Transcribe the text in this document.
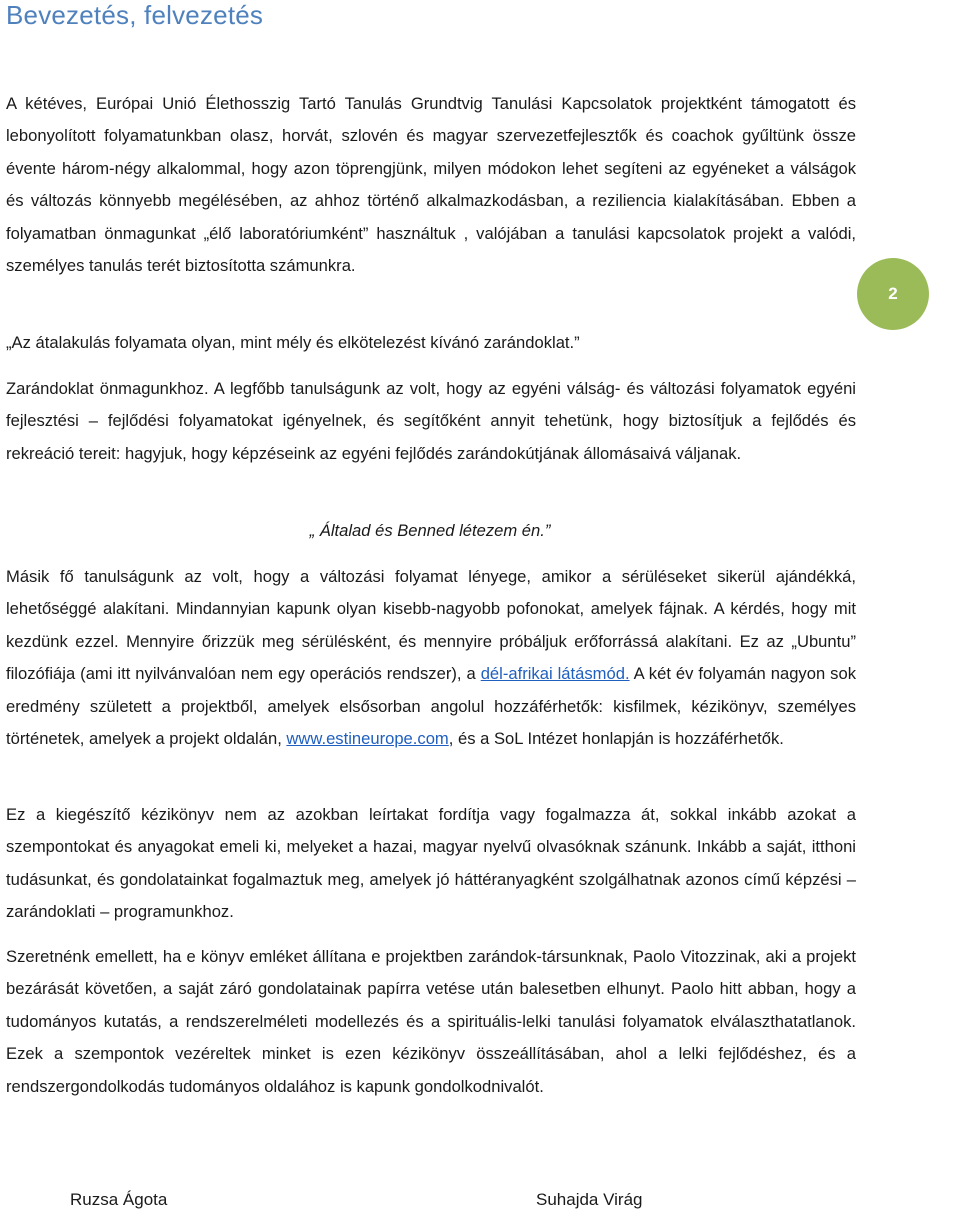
Bevezetés, felvezetés

A kétéves, Európai Unió Élethosszig Tartó Tanulás Grundtvig Tanulási Kapcsolatok projektként támogatott és lebonyolított folyamatunkban olasz, horvát, szlovén és magyar szervezetfejlesztők és coachok gyűltünk össze évente három-négy alkalommal, hogy azon töprengjünk, milyen módokon lehet segíteni az egyéneket a válságok és változás könnyebb megélésében, az ahhoz történő alkalmazkodásban, a reziliencia kialakításában. Ebben a folyamatban önmagunkat „élő laboratóriumként” használtuk , valójában a tanulási kapcsolatok projekt a valódi, személyes tanulás terét biztosította számunkra.

„Az átalakulás folyamata olyan, mint mély és elkötelezést kívánó zarándoklat.”

Zarándoklat önmagunkhoz. A legfőbb tanulságunk az volt, hogy az egyéni válság- és változási folyamatok egyéni fejlesztési – fejlődési folyamatokat igényelnek, és segítőként annyit tehetünk, hogy biztosítjuk a fejlődés és rekreáció tereit: hagyjuk, hogy képzéseink az egyéni fejlődés zarándokútjának állomásaivá váljanak.

„ Általad és Benned létezem én.”

Másik fő tanulságunk az volt, hogy a változási folyamat lényege, amikor a sérüléseket sikerül ajándékká, lehetőséggé alakítani. Mindannyian kapunk olyan kisebb-nagyobb pofonokat, amelyek fájnak. A kérdés, hogy mit kezdünk ezzel. Mennyire őrizzük meg sérülésként, és mennyire próbáljuk erőforrássá alakítani. Ez az „Ubuntu” filozófiája (ami itt nyilvánvalóan nem egy operációs rendszer), a dél-afrikai látásmód. A két év folyamán nagyon sok eredmény született a projektből, amelyek elsősorban angolul hozzáférhetők: kisfilmek, kézikönyv, személyes történetek, amelyek a projekt oldalán, www.estineurope.com, és a SoL Intézet honlapján is hozzáférhetők.

Ez a kiegészítő kézikönyv nem az azokban leírtakat fordítja vagy fogalmazza át, sokkal inkább azokat a szempontokat és anyagokat emeli ki, melyeket a hazai, magyar nyelvű olvasóknak szánunk. Inkább a saját, itthoni tudásunkat, és gondolatainkat fogalmaztuk meg, amelyek jó háttéranyagként szolgálhatnak azonos című képzési – zarándoklati – programunkhoz.

Szeretnénk emellett, ha e könyv emléket állítana e projektben zarándok-társunknak, Paolo Vitozzinak, aki a projekt bezárását követően, a saját záró gondolatainak papírra vetése után balesetben elhunyt. Paolo hitt abban, hogy a tudományos kutatás, a rendszerelméleti modellezés és a spirituális-lelki tanulási folyamatok elválaszthatatlanok. Ezek a szempontok vezéreltek minket is ezen kézikönyv összeállításában, ahol a lelki fejlődéshez, és a rendszergondolkodás tudományos oldalához is kapunk gondolkodnivalót.

2

Ruzsa Ágota	Suhajda Virág
